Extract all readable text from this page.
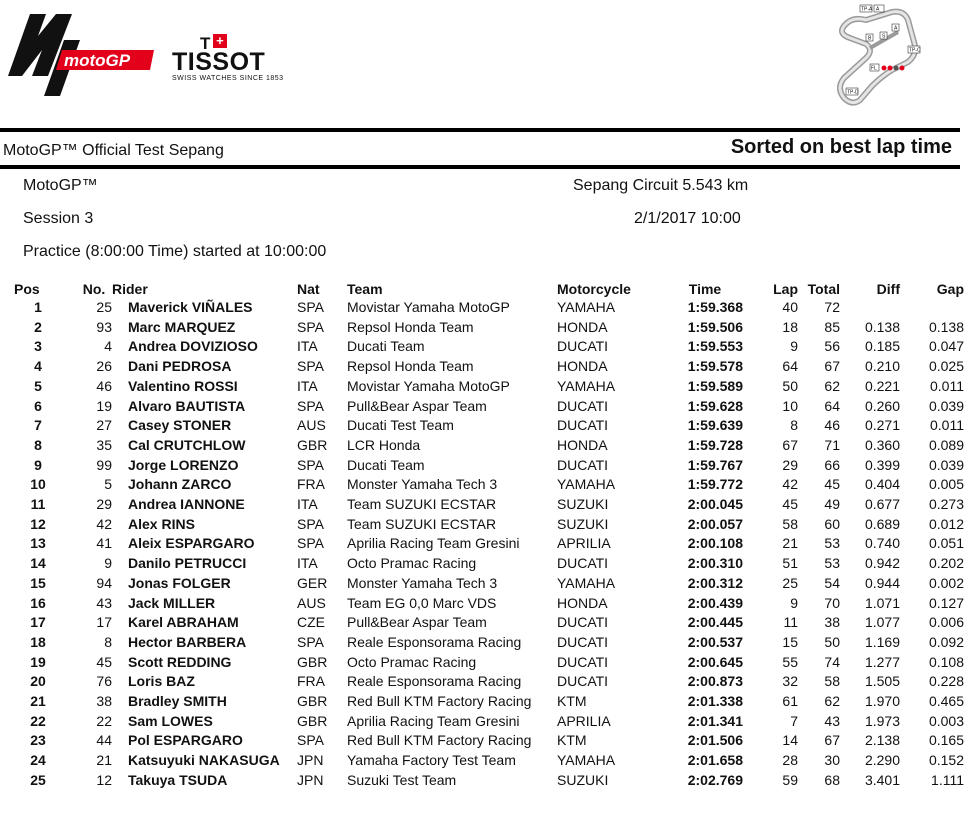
motoGP
T +
TISSOT
SWISS WATCHES SINCE 1853
TP-A A
TP-C
TP-D
S
A
B
FL
MotoGP™ Official Test Sepang	Sorted on best lap time
MotoGP™
Session 3
Practice (8:00:00 Time) started at 10:00:00
Sepang Circuit 5.543 km
2/1/2017 10:00
Pos	No.	Rider	Nat	Team	Motorcycle	Time	Lap	Total	Diff	Gap
1	25	Maverick VIÑALES	SPA	Movistar Yamaha MotoGP	YAMAHA	1:59.368	40	72		
2	93	Marc MARQUEZ	SPA	Repsol Honda Team	HONDA	1:59.506	18	85	0.138	0.138
3	4	Andrea DOVIZIOSO	ITA	Ducati Team	DUCATI	1:59.553	9	56	0.185	0.047
4	26	Dani PEDROSA	SPA	Repsol Honda Team	HONDA	1:59.578	64	67	0.210	0.025
5	46	Valentino ROSSI	ITA	Movistar Yamaha MotoGP	YAMAHA	1:59.589	50	62	0.221	0.011
6	19	Alvaro BAUTISTA	SPA	Pull&Bear Aspar Team	DUCATI	1:59.628	10	64	0.260	0.039
7	27	Casey STONER	AUS	Ducati Test Team	DUCATI	1:59.639	8	46	0.271	0.011
8	35	Cal CRUTCHLOW	GBR	LCR Honda	HONDA	1:59.728	67	71	0.360	0.089
9	99	Jorge LORENZO	SPA	Ducati Team	DUCATI	1:59.767	29	66	0.399	0.039
10	5	Johann ZARCO	FRA	Monster Yamaha Tech 3	YAMAHA	1:59.772	42	45	0.404	0.005
11	29	Andrea IANNONE	ITA	Team SUZUKI ECSTAR	SUZUKI	2:00.045	45	49	0.677	0.273
12	42	Alex RINS	SPA	Team SUZUKI ECSTAR	SUZUKI	2:00.057	58	60	0.689	0.012
13	41	Aleix ESPARGARO	SPA	Aprilia Racing Team Gresini	APRILIA	2:00.108	21	53	0.740	0.051
14	9	Danilo PETRUCCI	ITA	Octo Pramac Racing	DUCATI	2:00.310	51	53	0.942	0.202
15	94	Jonas FOLGER	GER	Monster Yamaha Tech 3	YAMAHA	2:00.312	25	54	0.944	0.002
16	43	Jack MILLER	AUS	Team EG 0,0 Marc VDS	HONDA	2:00.439	9	70	1.071	0.127
17	17	Karel ABRAHAM	CZE	Pull&Bear Aspar Team	DUCATI	2:00.445	11	38	1.077	0.006
18	8	Hector BARBERA	SPA	Reale Esponsorama Racing	DUCATI	2:00.537	15	50	1.169	0.092
19	45	Scott REDDING	GBR	Octo Pramac Racing	DUCATI	2:00.645	55	74	1.277	0.108
20	76	Loris BAZ	FRA	Reale Esponsorama Racing	DUCATI	2:00.873	32	58	1.505	0.228
21	38	Bradley SMITH	GBR	Red Bull KTM Factory Racing	KTM	2:01.338	61	62	1.970	0.465
22	22	Sam LOWES	GBR	Aprilia Racing Team Gresini	APRILIA	2:01.341	7	43	1.973	0.003
23	44	Pol ESPARGARO	SPA	Red Bull KTM Factory Racing	KTM	2:01.506	14	67	2.138	0.165
24	21	Katsuyuki NAKASUGA	JPN	Yamaha Factory Test Team	YAMAHA	2:01.658	28	30	2.290	0.152
25	12	Takuya TSUDA	JPN	Suzuki Test Team	SUZUKI	2:02.769	59	68	3.401	1.111
